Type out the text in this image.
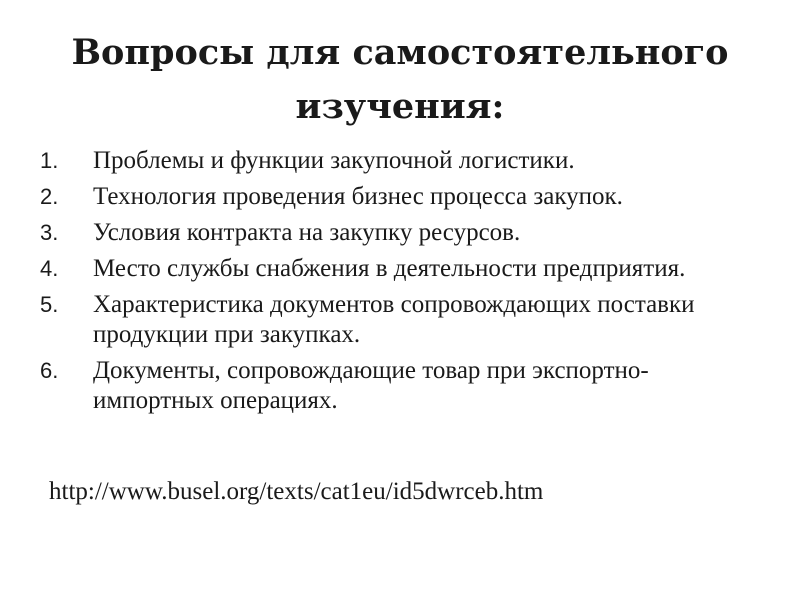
Вопросы для самостоятельного изучения:
1. Проблемы и функции закупочной логистики.
2. Технология проведения бизнес процесса закупок.
3. Условия контракта на закупку ресурсов.
4. Место службы снабжения в деятельности предприятия.
5. Характеристика документов сопровождающих поставки продукции при закупках.
6. Документы, сопровождающие товар при экспортно-импортных операциях.

http://www.busel.org/texts/cat1eu/id5dwrceb.htm
